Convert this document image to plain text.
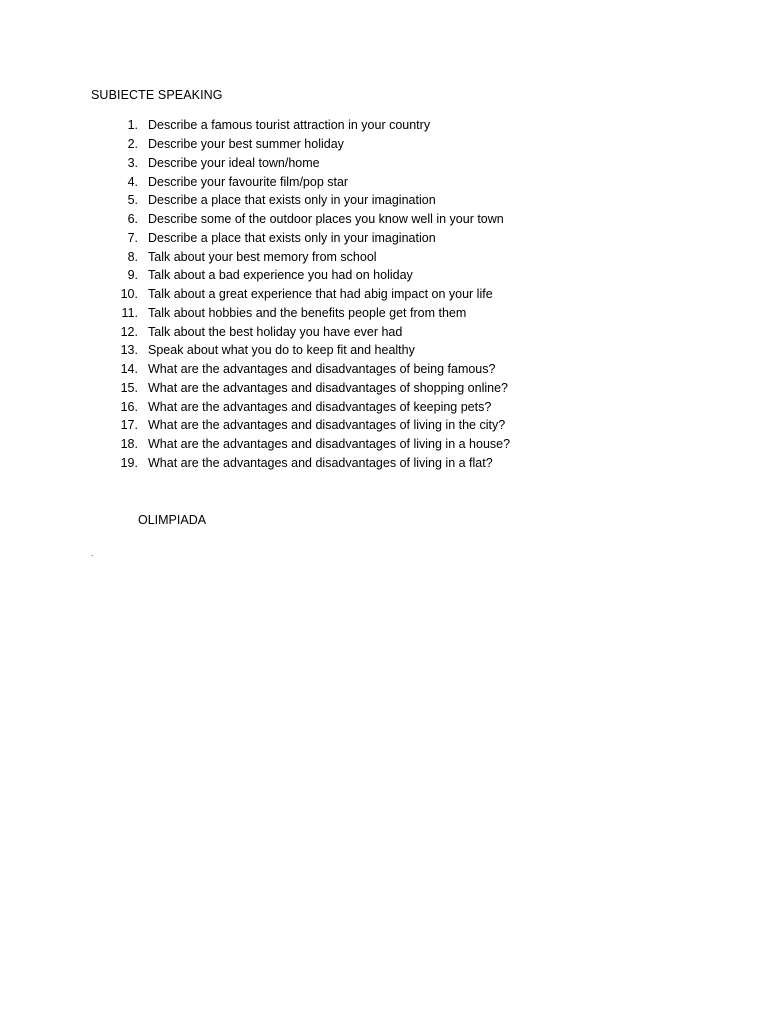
SUBIECTE SPEAKING
1. Describe a famous tourist attraction in your country
2. Describe your best summer holiday
3. Describe your ideal town/home
4. Describe your favourite film/pop star
5. Describe a place that exists only in your imagination
6. Describe some of the outdoor places you know well in your town
7. Describe a place that exists only in your imagination
8. Talk about your best memory from school
9. Talk about a bad experience you had on holiday
10. Talk about a great experience that had abig impact on your life
11. Talk about hobbies and the benefits people get from them
12. Talk about the best holiday you have ever had
13. Speak about what you do to keep fit and healthy
14. What are the advantages and disadvantages of being famous?
15. What are the advantages and disadvantages of shopping online?
16. What are the advantages and disadvantages of keeping pets?
17. What are the advantages and disadvantages of living in the city?
18. What are the advantages and disadvantages of living in a house?
19. What are the advantages and disadvantages of living in a flat?
OLIMPIADA
.
